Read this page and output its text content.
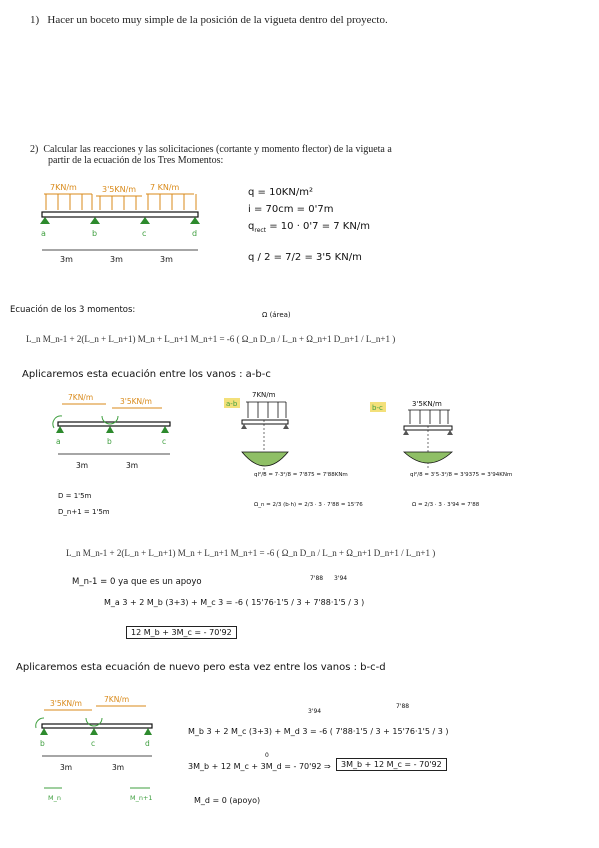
1) Hacer un boceto muy simple de la posición de la vigueta dentro del proyecto.
2) Calcular las reacciones y las solicitaciones (cortante y momento flector) de la vigueta a
partir de la ecuación de los Tres Momentos:
7KN/m	3'5KN/m 7 KN/m
a	b	c	d
3m	3m	3m
q = 10KN/m²
i = 70cm = 0'7m
$q_{rect} = 10 \cdot 0'7 = 7$ KN/m
q / 2 = 7/2 = 3'5 KN/m
Ecuación de los 3 momentos:	Ω (área)
L_n M_n-1 + 2(L_n + L_n+1) M_n + L_n+1 M_n+1 = -6 ( Ω_n D_n / L_n + Ω_n+1 D_n+1 / L_n+1 )
Aplicaremos esta ecuación entre los vanos : a-b-c
7KN/m	3'5KN/m
a	b	c
3m	3m
D = 1'5m
D_n+1 = 1'5m
a-b
7KN/m
ql²/8 = 7·3²/8 = 7'875 = 7'88KNm
b-c	3'5KN/m
ql²/8 = 3'5·3²/8 = 3'9375 = 3'94KNm
Ω_n = 2/3 (b·h) = 2/3 · 3 · 7'88 = 15'76	Ω = 2/3 · 3 · 3'94 = 7'88
L_n M_n-1 + 2(L_n + L_n+1) M_n + L_n+1 M_n+1 = -6 ( Ω_n D_n / L_n + Ω_n+1 D_n+1 / L_n+1 )
M_n-1 = 0 ya que es un apoyo	7'88 3'94
M_a 3 + 2 M_b (3+3) + M_c 3 = -6 ( 15'76·1'5 / 3 + 7'88·1'5 / 3 )
12 M_b + 3M_c = - 70'92
Aplicaremos esta ecuación de nuevo pero esta vez entre los vanos : b-c-d
3'5KN/m	7KN/m
b	c	d
3m	3m
M_n	M_n+1
3'94
7'88
M_b 3 + 2 M_c (3+3) + M_d 3 = -6 ( 7'88·1'5 / 3 + 15'76·1'5 / 3 )
0
3M_b + 12 M_c + 3M_d = - 70'92 ⇒	3M_b + 12 M_c = - 70'92
M_d = 0 (apoyo)
